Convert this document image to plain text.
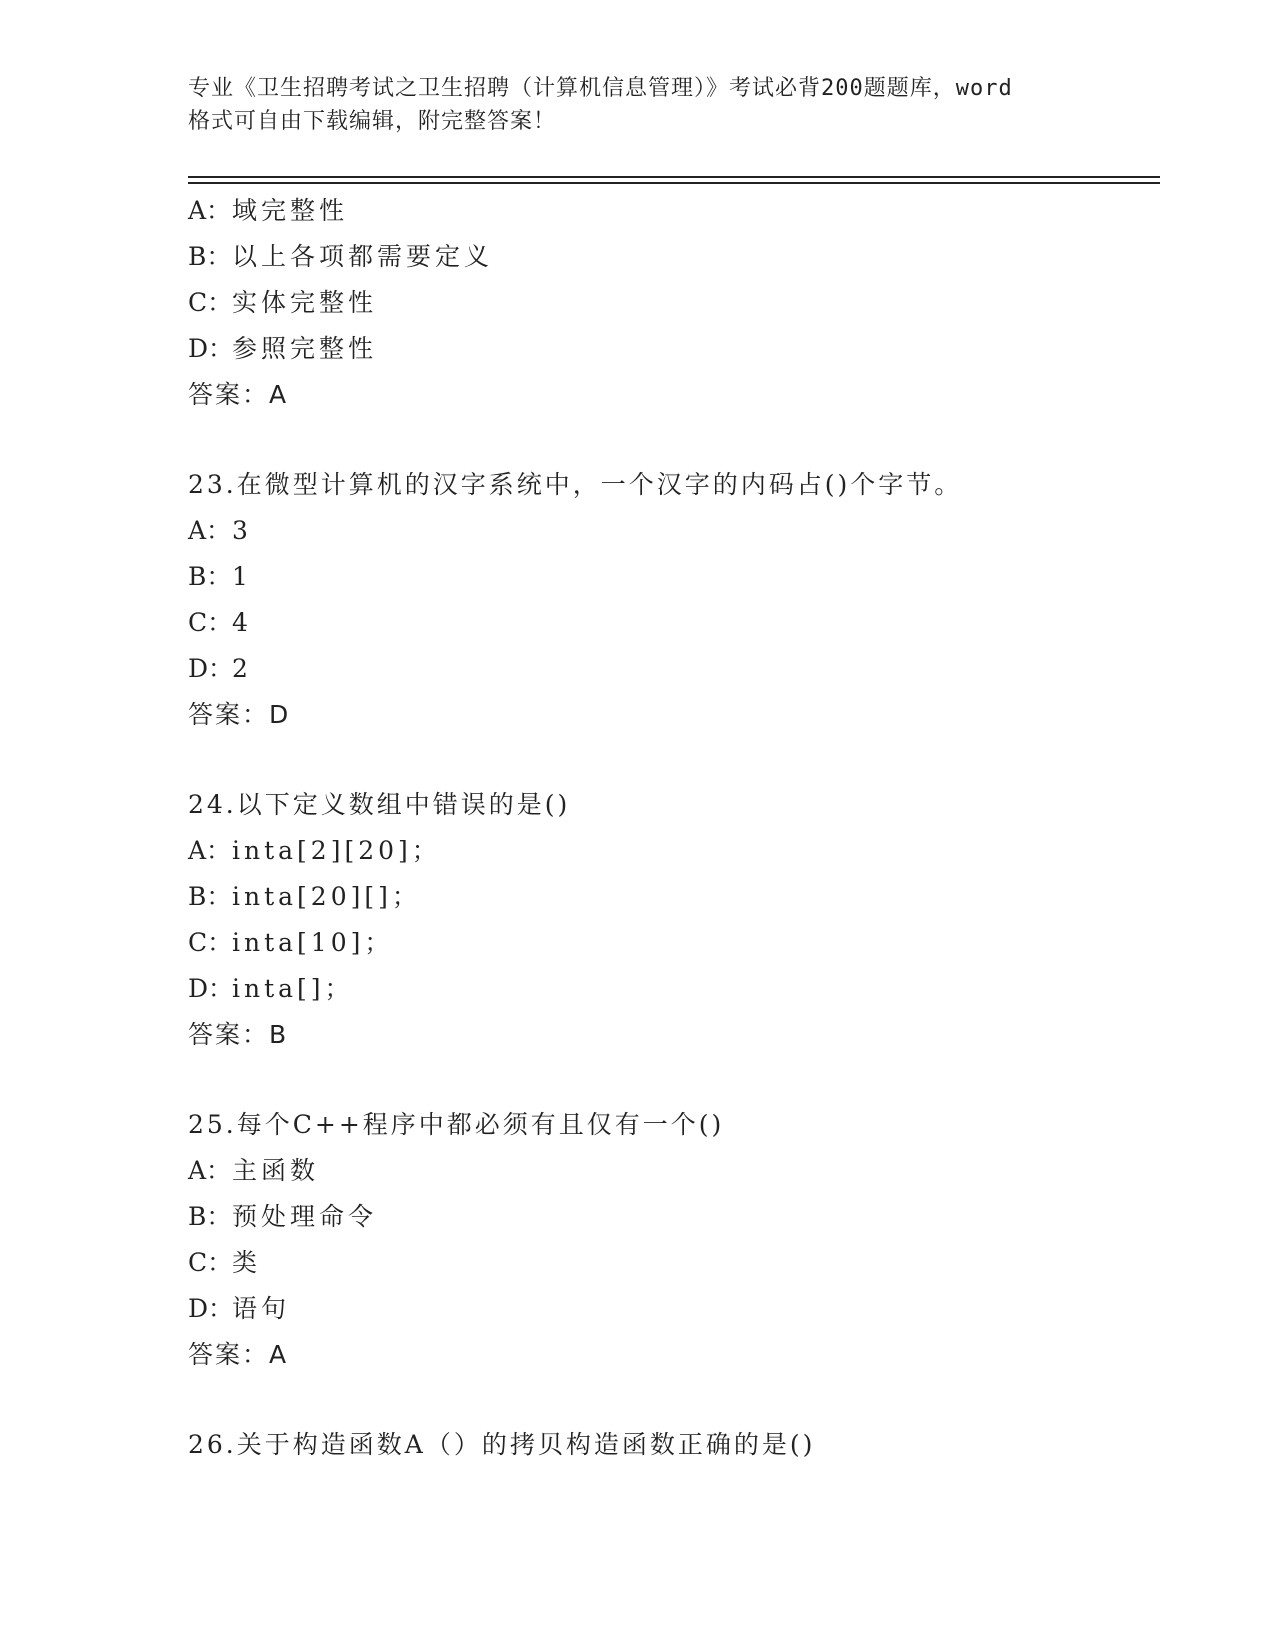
专业《卫生招聘考试之卫生招聘（计算机信息管理）》考试必背200题题库，word
格式可自由下载编辑，附完整答案！
A：域完整性
B：以上各项都需要定义
C：实体完整性
D：参照完整性
答案：A
23.在微型计算机的汉字系统中，一个汉字的内码占()个字节。
A：3
B：1
C：4
D：2
答案：D
24.以下定义数组中错误的是()
A：inta[2][20]；
B：inta[20][]；
C：inta[10]；
D：inta[]；
答案：B
25.每个C++程序中都必须有且仅有一个()
A：主函数
B：预处理命令
C：类
D：语句
答案：A
26.关于构造函数A（）的拷贝构造函数正确的是()
